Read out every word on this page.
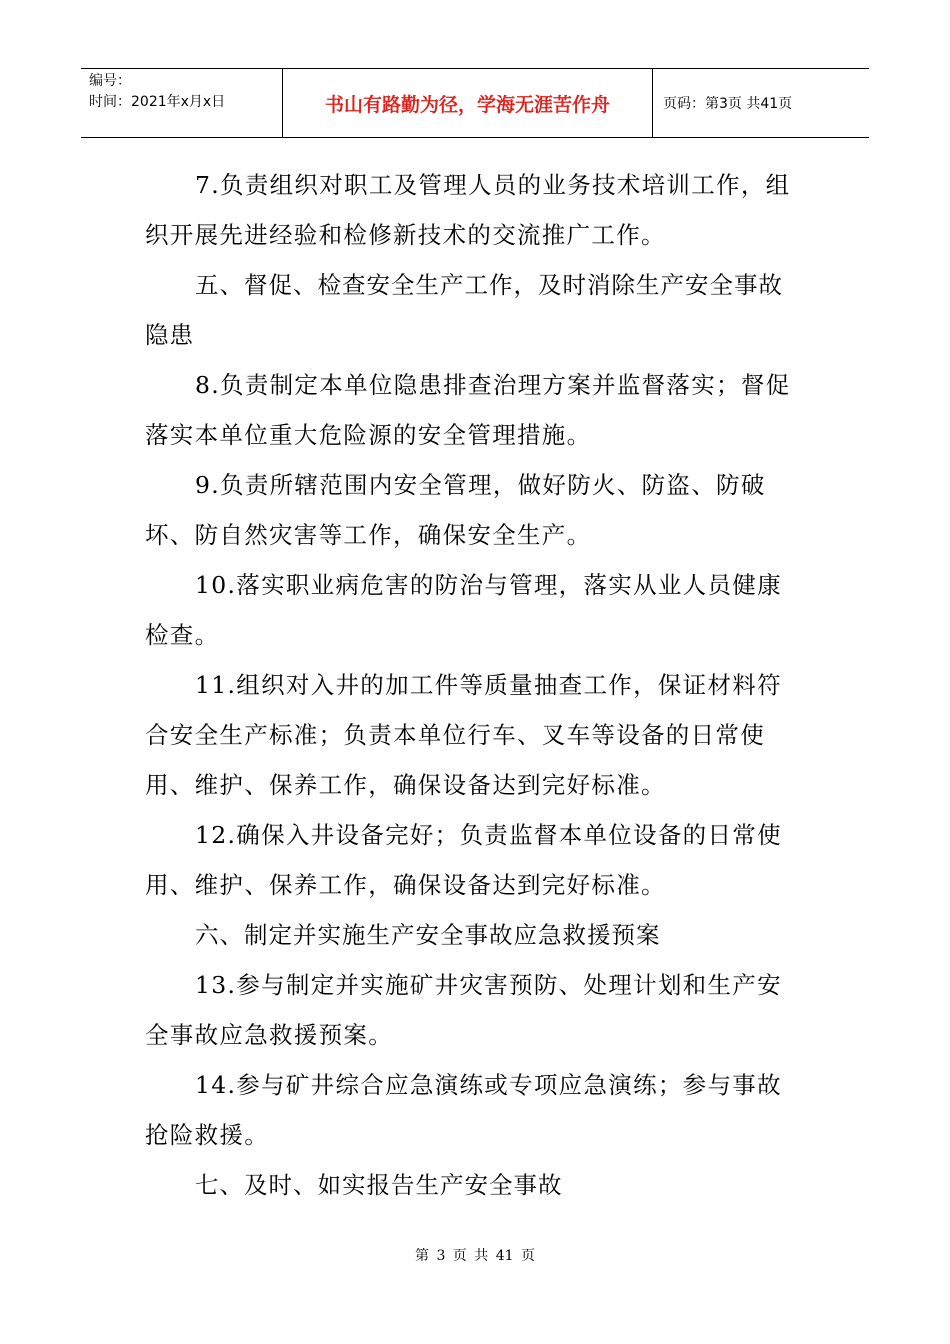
编号：
时间：2021年x月x日	书山有路勤为径，学海无涯苦作舟	页码：第3页 共41页

7.负责组织对职工及管理人员的业务技术培训工作，组织开展先进经验和检修新技术的交流推广工作。

五、督促、检查安全生产工作，及时消除生产安全事故隐患

8.负责制定本单位隐患排查治理方案并监督落实；督促落实本单位重大危险源的安全管理措施。

9.负责所辖范围内安全管理，做好防火、防盗、防破坏、防自然灾害等工作，确保安全生产。

10.落实职业病危害的防治与管理，落实从业人员健康检查。

11.组织对入井的加工件等质量抽查工作，保证材料符合安全生产标准；负责本单位行车、叉车等设备的日常使用、维护、保养工作，确保设备达到完好标准。

12.确保入井设备完好；负责监督本单位设备的日常使用、维护、保养工作，确保设备达到完好标准。

六、制定并实施生产安全事故应急救援预案

13.参与制定并实施矿井灾害预防、处理计划和生产安全事故应急救援预案。

14.参与矿井综合应急演练或专项应急演练；参与事故抢险救援。

七、及时、如实报告生产安全事故

第 3 页 共 41 页
